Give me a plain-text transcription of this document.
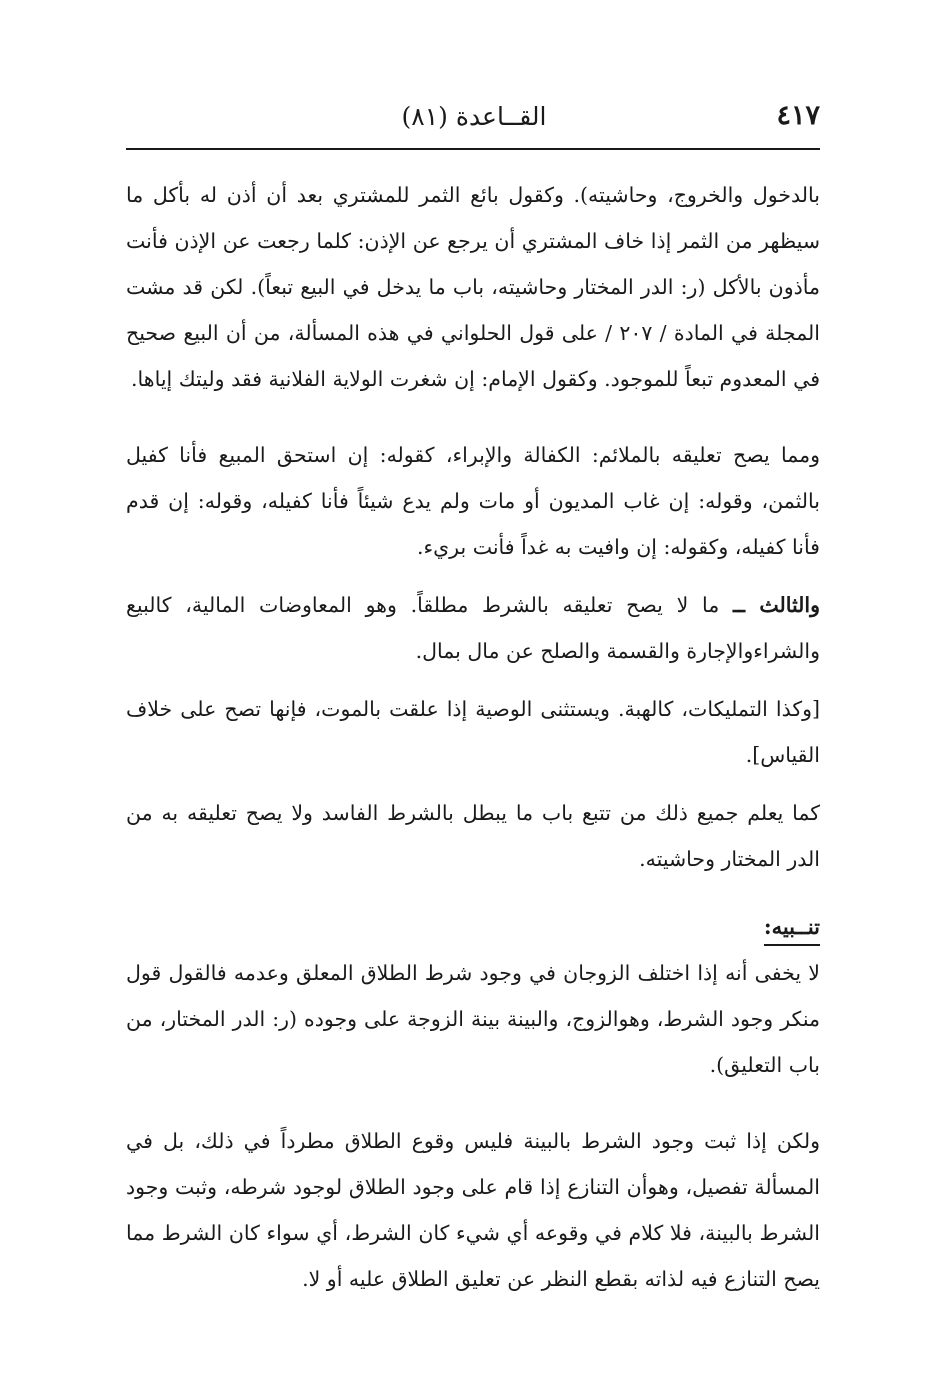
٤١٧
القــاعدة (٨١)

بالدخول والخروج، وحاشيته). وكقول بائع الثمر للمشتري بعد أن أذن له بأكل ما سيظهر من الثمر إذا خاف المشتري أن يرجع عن الإذن: كلما رجعت عن الإذن فأنت مأذون بالأكل (ر: الدر المختار وحاشيته، باب ما يدخل في البيع تبعاً). لكن قد مشت المجلة في المادة / ٢٠٧ / على قول الحلواني في هذه المسألة، من أن البيع صحيح في المعدوم تبعاً للموجود. وكقول الإمام: إن شغرت الولاية الفلانية فقد وليتك إياها.

ومما يصح تعليقه بالملائم: الكفالة والإبراء، كقوله: إن استحق المبيع فأنا كفيل بالثمن، وقوله: إن غاب المديون أو مات ولم يدع شيئاً فأنا كفيله، وقوله: إن قدم فأنا كفيله، وكقوله: إن وافيت به غداً فأنت بريء.

والثالث ــ ما لا يصح تعليقه بالشرط مطلقاً. وهو المعاوضات المالية، كالبيع والشراءوالإجارة والقسمة والصلح عن مال بمال.

[وكذا التمليكات، كالهبة. ويستثنى الوصية إذا علقت بالموت، فإنها تصح على خلاف القياس].

كما يعلم جميع ذلك من تتبع باب ما يبطل بالشرط الفاسد ولا يصح تعليقه به من الدر المختار وحاشيته.

تنــبيه:

لا يخفى أنه إذا اختلف الزوجان في وجود شرط الطلاق المعلق وعدمه فالقول قول منكر وجود الشرط، وهوالزوج، والبينة بينة الزوجة على وجوده (ر: الدر المختار، من باب التعليق).

ولكن إذا ثبت وجود الشرط بالبينة فليس وقوع الطلاق مطرداً في ذلك، بل في المسألة تفصيل، وهوأن التنازع إذا قام على وجود الطلاق لوجود شرطه، وثبت وجود الشرط بالبينة، فلا كلام في وقوعه أي شيء كان الشرط، أي سواء كان الشرط مما يصح التنازع فيه لذاته بقطع النظر عن تعليق الطلاق عليه أو لا.
